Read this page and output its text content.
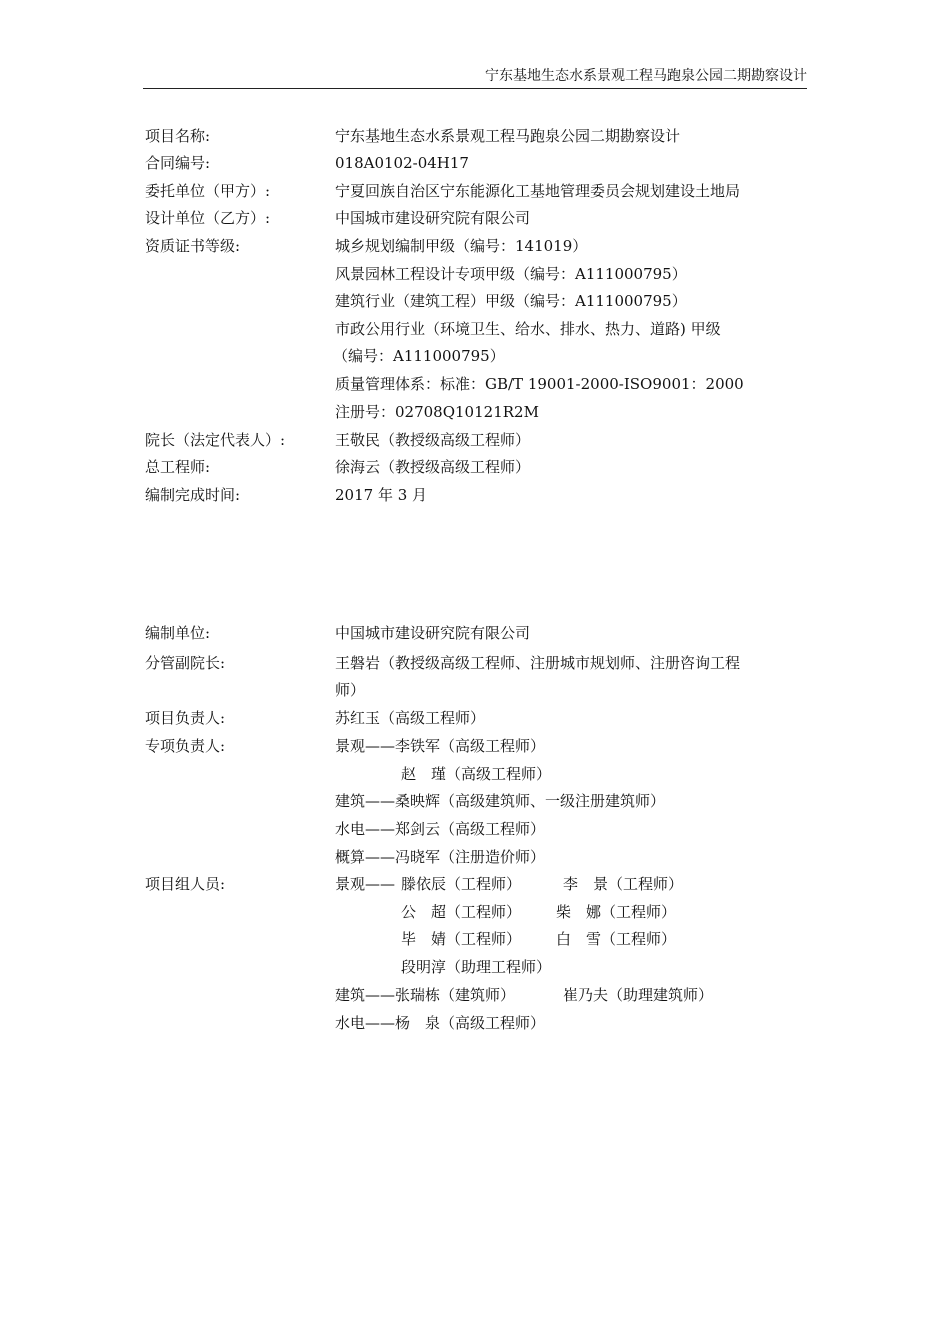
宁东基地生态水系景观工程马跑泉公园二期勘察设计
项目名称:	宁东基地生态水系景观工程马跑泉公园二期勘察设计
合同编号:	018A0102-04H17
委托单位（甲方）:	宁夏回族自治区宁东能源化工基地管理委员会规划建设土地局
设计单位（乙方）:	中国城市建设研究院有限公司
资质证书等级:	城乡规划编制甲级（编号：141019）
风景园林工程设计专项甲级（编号：A111000795）
建筑行业（建筑工程）甲级（编号：A111000795）
市政公用行业（环境卫生、给水、排水、热力、道路) 甲级
（编号：A111000795）
质量管理体系：标准：GB/T 19001-2000-ISO9001：2000
注册号：02708Q10121R2M
院长（法定代表人）:	王敬民（教授级高级工程师）
总工程师:	徐海云（教授级高级工程师）
编制完成时间:	2017 年 3 月
编制单位:	中国城市建设研究院有限公司
分管副院长:	王磐岩（教授级高级工程师、注册城市规划师、注册咨询工程
师）
项目负责人:	苏红玉（高级工程师）
专项负责人:	景观——李铁军（高级工程师）
赵　瑾（高级工程师）
建筑——桑映辉（高级建筑师、一级注册建筑师）
水电——郑剑云（高级工程师）
概算——冯晓军（注册造价师）
项目组人员:	景观—— 滕依辰（工程师）	李　景（工程师）
公　超（工程师） 柴　娜（工程师）
毕　婧（工程师） 白　雪（工程师）
段明淳（助理工程师）
建筑——张瑞栋（建筑师）	崔乃夫（助理建筑师）
水电——杨　泉（高级工程师）
